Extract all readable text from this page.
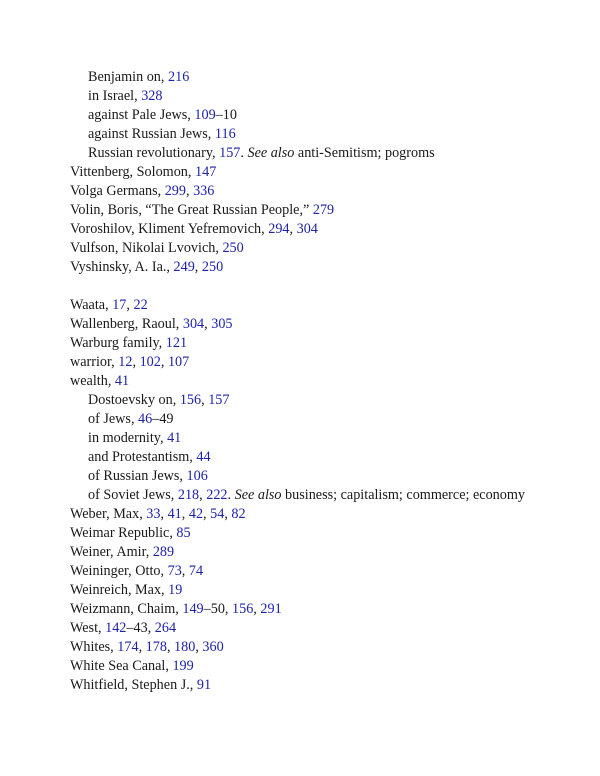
Benjamin on, 216

in Israel, 328

against Pale Jews, 109–10

against Russian Jews, 116

Russian revolutionary, 157. See also anti-Semitism; pogroms

Vittenberg, Solomon, 147

Volga Germans, 299, 336

Volin, Boris, “The Great Russian People,” 279

Voroshilov, Kliment Yefremovich, 294, 304

Vulfson, Nikolai Lvovich, 250

Vyshinsky, A. Ia., 249, 250

Waata, 17, 22

Wallenberg, Raoul, 304, 305

Warburg family, 121

warrior, 12, 102, 107

wealth, 41

Dostoevsky on, 156, 157

of Jews, 46–49

in modernity, 41

and Protestantism, 44

of Russian Jews, 106

of Soviet Jews, 218, 222. See also business; capitalism; commerce; economy

Weber, Max, 33, 41, 42, 54, 82

Weimar Republic, 85

Weiner, Amir, 289

Weininger, Otto, 73, 74

Weinreich, Max, 19

Weizmann, Chaim, 149–50, 156, 291

West, 142–43, 264

Whites, 174, 178, 180, 360

White Sea Canal, 199

Whitfield, Stephen J., 91
